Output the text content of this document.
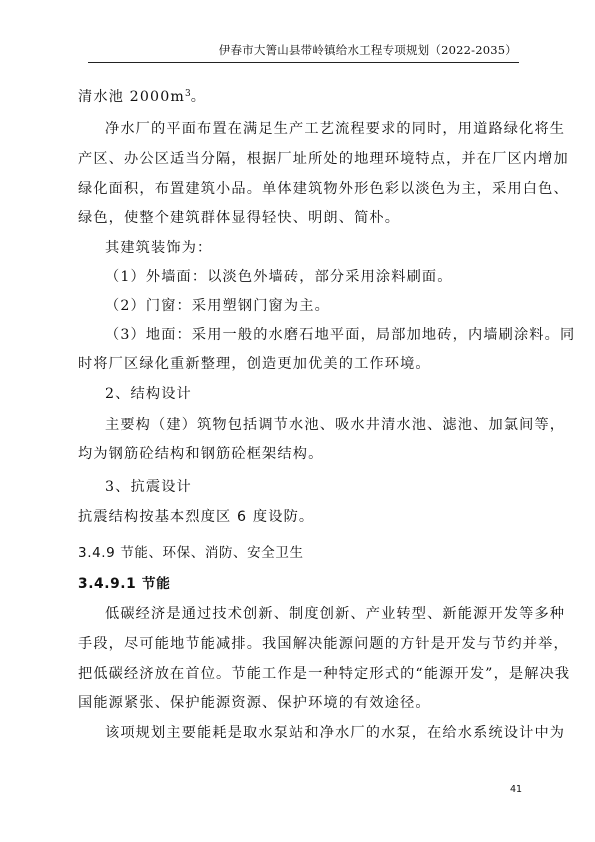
伊春市大箐山县带岭镇给水工程专项规划（2022-2035）
清水池 $2000m^3$。
净水厂的平面布置在满足生产工艺流程要求的同时，用道路绿化将生
产区、办公区适当分隔，根据厂址所处的地理环境特点，并在厂区内增加
绿化面积，布置建筑小品。单体建筑物外形色彩以淡色为主，采用白色、
绿色，使整个建筑群体显得轻快、明朗、简朴。
其建筑装饰为：
（1）外墙面：以淡色外墙砖，部分采用涂料刷面。
（2）门窗：采用塑钢门窗为主。
（3）地面：采用一般的水磨石地平面，局部加地砖，内墙刷涂料。同
时将厂区绿化重新整理，创造更加优美的工作环境。
2、结构设计
主要构（建）筑物包括调节水池、吸水井清水池、滤池、加氯间等，
均为钢筋砼结构和钢筋砼框架结构。
3、抗震设计
抗震结构按基本烈度区 6 度设防。
3.4.9 节能、环保、消防、安全卫生
3.4.9.1 节能
低碳经济是通过技术创新、制度创新、产业转型、新能源开发等多种
手段，尽可能地节能减排。我国解决能源问题的方针是开发与节约并举，
把低碳经济放在首位。节能工作是一种特定形式的“能源开发”，是解决我
国能源紧张、保护能源资源、保护环境的有效途径。
该项规划主要能耗是取水泵站和净水厂的水泵，在给水系统设计中为
41
